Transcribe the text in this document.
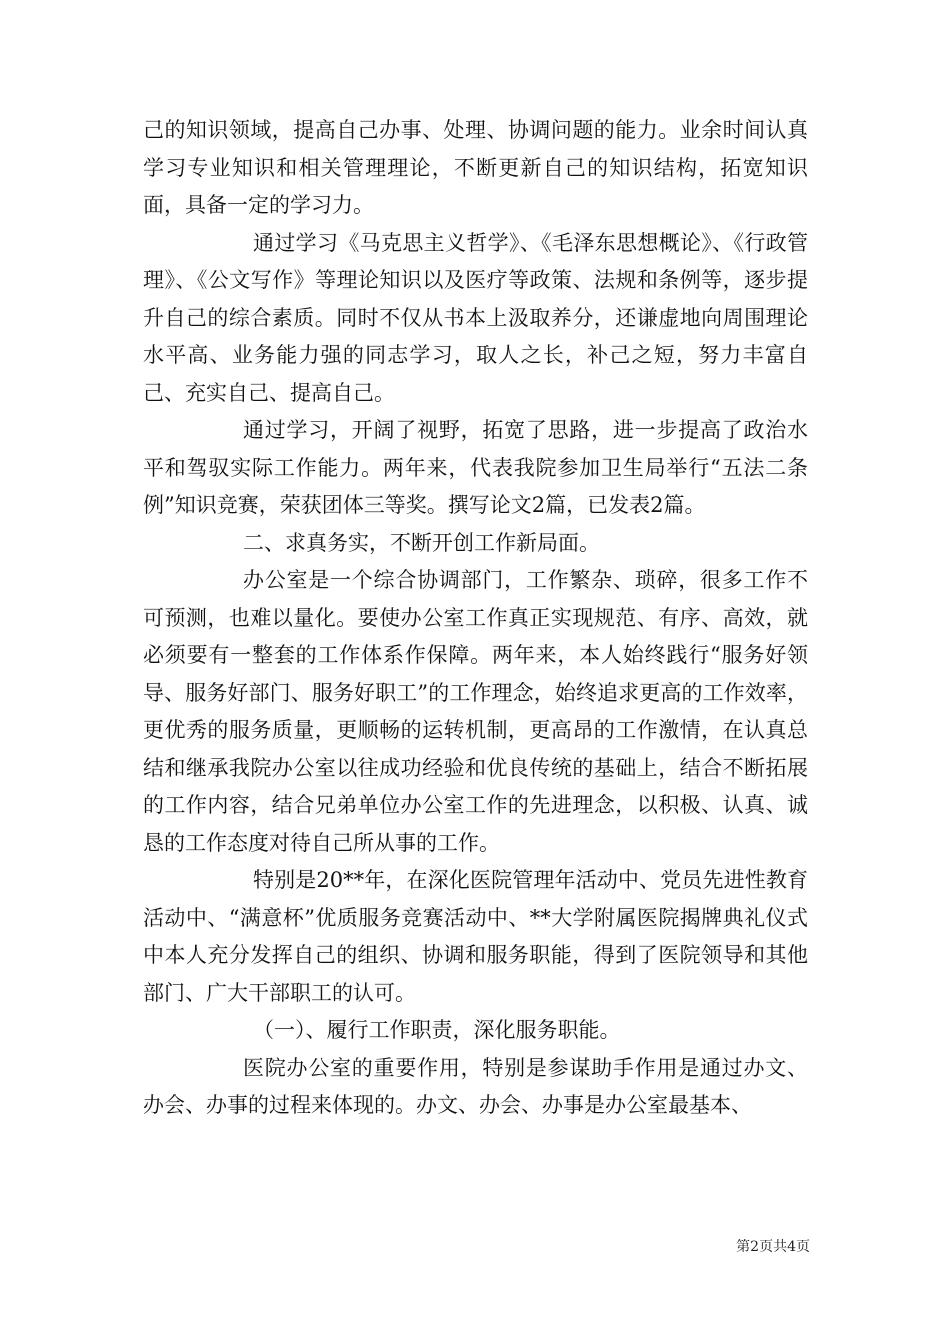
己的知识领域，提高自己办事、处理、协调问题的能力。业余时间认真学习专业知识和相关管理理论，不断更新自己的知识结构，拓宽知识面，具备一定的学习力。

通过学习《马克思主义哲学》、《毛泽东思想概论》、《行政管理》、《公文写作》等理论知识以及医疗等政策、法规和条例等，逐步提升自己的综合素质。同时不仅从书本上汲取养分，还谦虚地向周围理论水平高、业务能力强的同志学习，取人之长，补己之短，努力丰富自己、充实自己、提高自己。

通过学习，开阔了视野，拓宽了思路，进一步提高了政治水平和驾驭实际工作能力。两年来，代表我院参加卫生局举行“五法二条例”知识竞赛，荣获团体三等奖。撰写论文2篇，已发表2篇。

二、求真务实，不断开创工作新局面。

办公室是一个综合协调部门，工作繁杂、琐碎，很多工作不可预测，也难以量化。要使办公室工作真正实现规范、有序、高效，就必须要有一整套的工作体系作保障。两年来，本人始终践行“服务好领导、服务好部门、服务好职工”的工作理念，始终追求更高的工作效率，更优秀的服务质量，更顺畅的运转机制，更高昂的工作激情，在认真总结和继承我院办公室以往成功经验和优良传统的基础上，结合不断拓展的工作内容，结合兄弟单位办公室工作的先进理念，以积极、认真、诚恳的工作态度对待自己所从事的工作。

特别是20**年，在深化医院管理年活动中、党员先进性教育活动中、“满意杯”优质服务竞赛活动中、**大学附属医院揭牌典礼仪式中本人充分发挥自己的组织、协调和服务职能，得到了医院领导和其他部门、广大干部职工的认可。

（一）、履行工作职责，深化服务职能。

医院办公室的重要作用，特别是参谋助手作用是通过办文、办会、办事的过程来体现的。办文、办会、办事是办公室最基本、

第2页共4页
